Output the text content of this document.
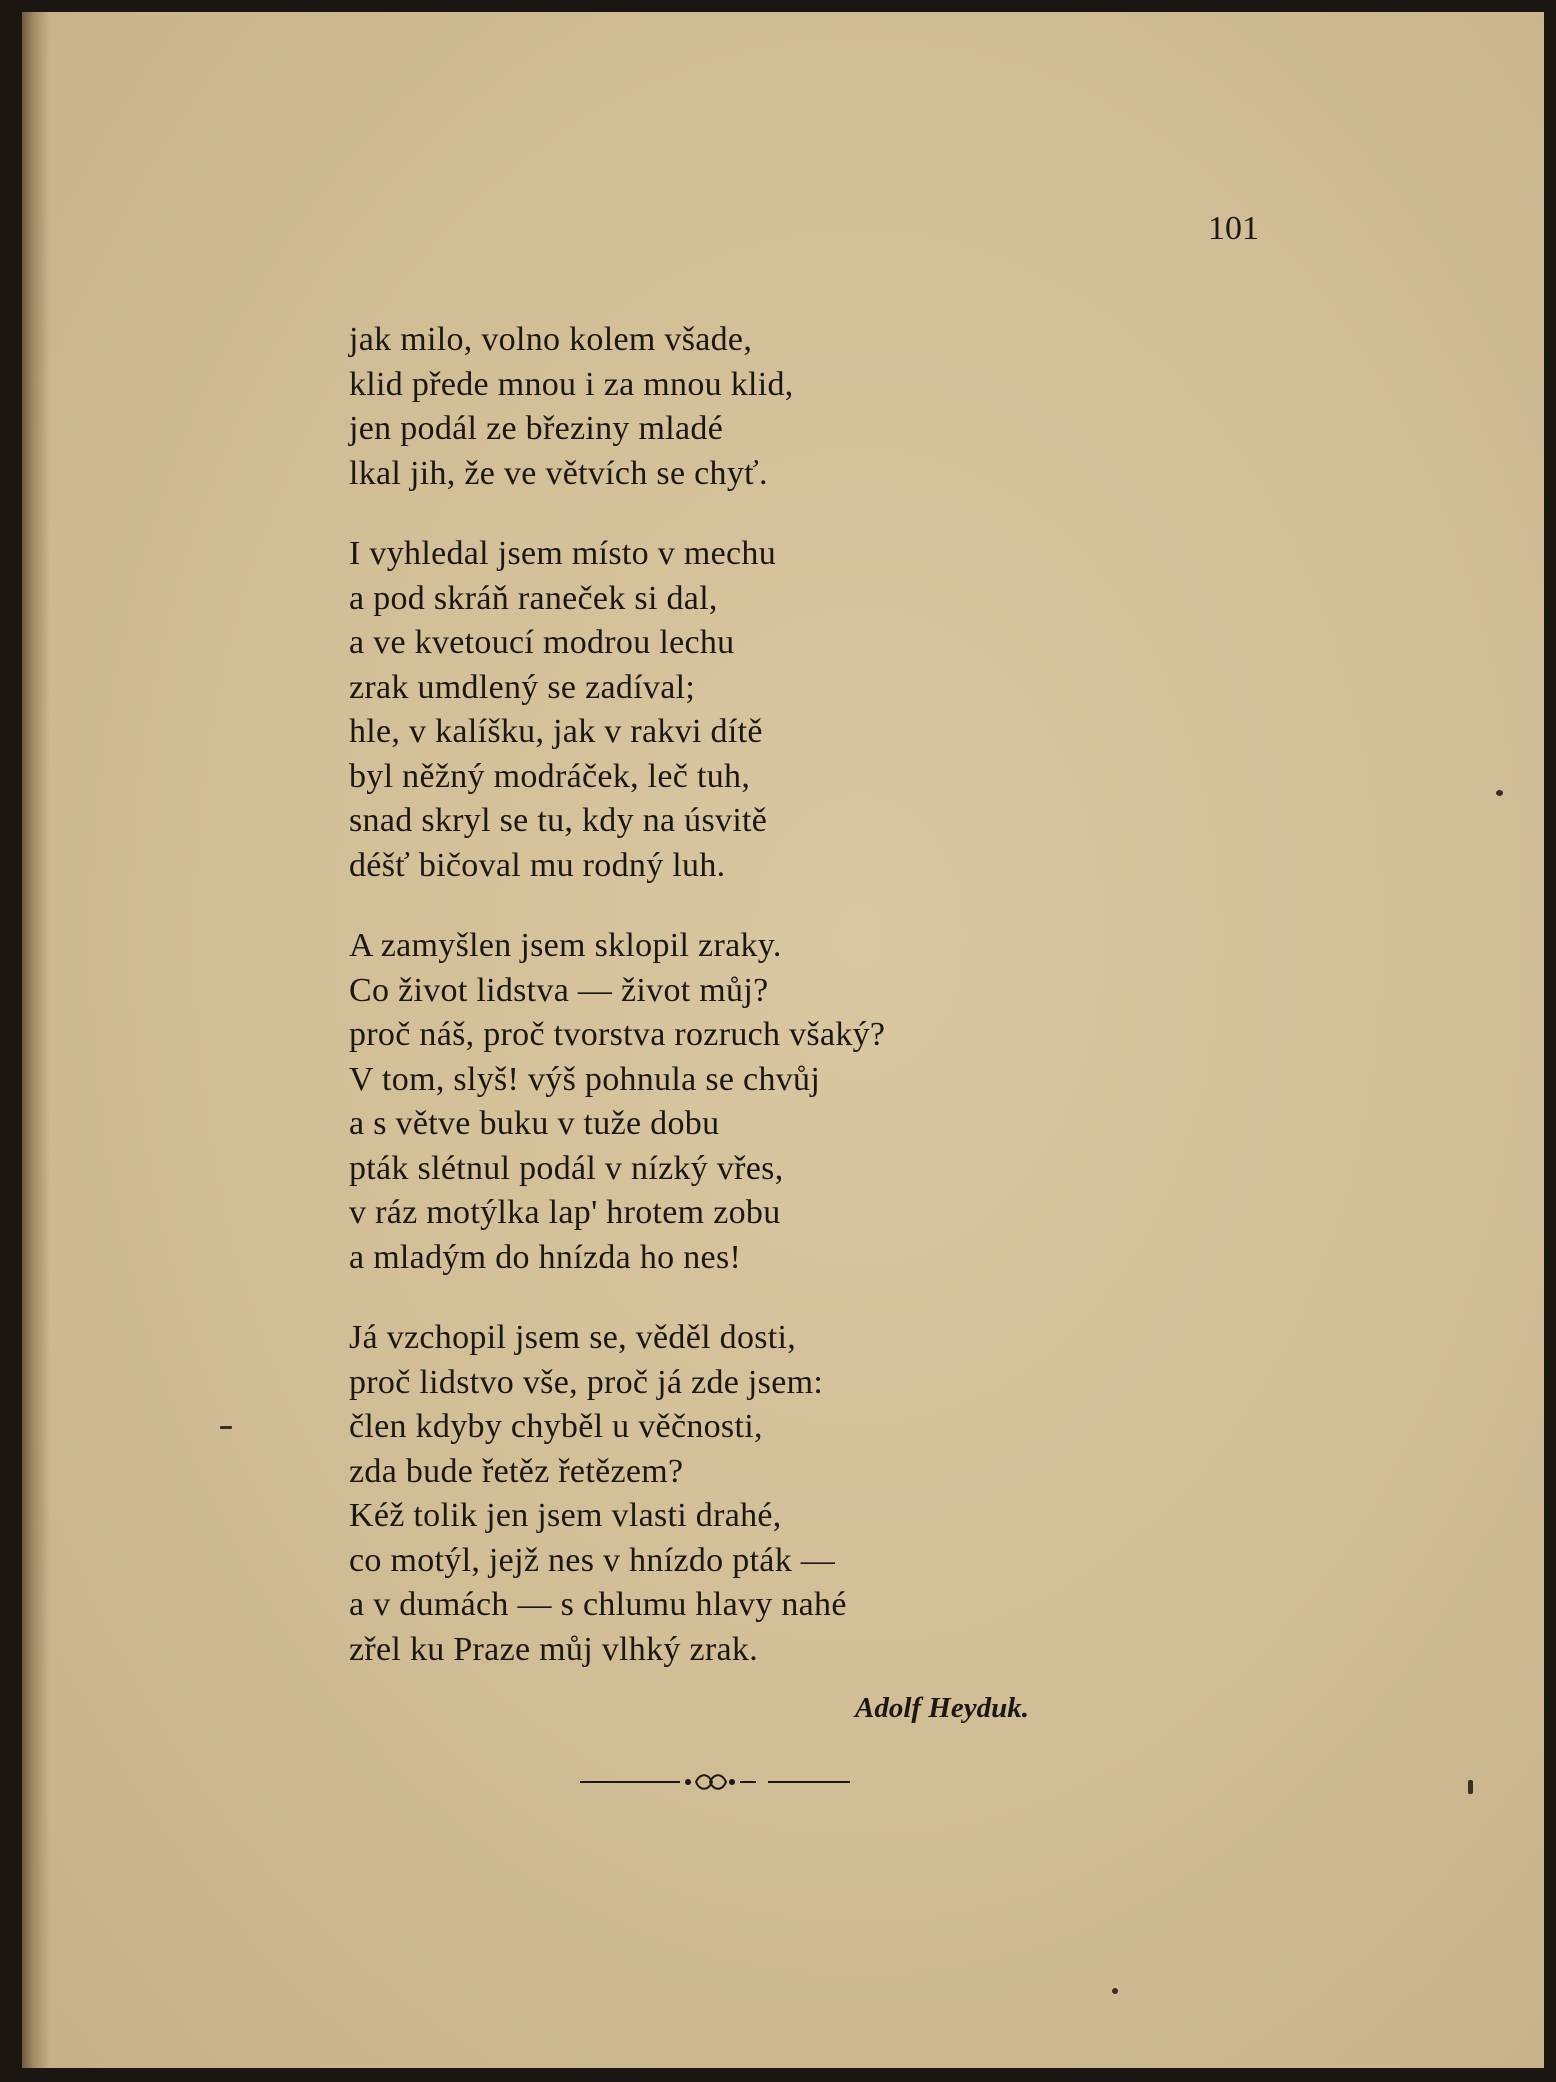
101
jak milo, volno kolem všade,
klid přede mnou i za mnou klid,
jen podál ze březiny mladé
lkal jih, že ve větvích se chyť.
I vyhledal jsem místo v mechu
a pod skráň raneček si dal,
a ve kvetoucí modrou lechu
zrak umdlený se zadíval;
hle, v kalíšku, jak v rakvi dítě
byl něžný modráček, leč tuh,
snad skryl se tu, kdy na úsvitě
déšť bičoval mu rodný luh.
A zamyšlen jsem sklopil zraky.
Co život lidstva — život můj?
proč náš, proč tvorstva rozruch všaký?
V tom, slyš! výš pohnula se chvůj
a s větve buku v tuže dobu
pták slétnul podál v nízký vřes,
v ráz motýlka lap' hrotem zobu
a mladým do hnízda ho nes!
Já vzchopil jsem se, věděl dosti,
proč lidstvo vše, proč já zde jsem:
člen kdyby chyběl u věčnosti,
zda bude řetěz řetězem?
Kéž tolik jen jsem vlasti drahé,
co motýl, jejž nes v hnízdo pták —
a v dumách — s chlumu hlavy nahé
zřel ku Praze můj vlhký zrak.
Adolf Heyduk.
